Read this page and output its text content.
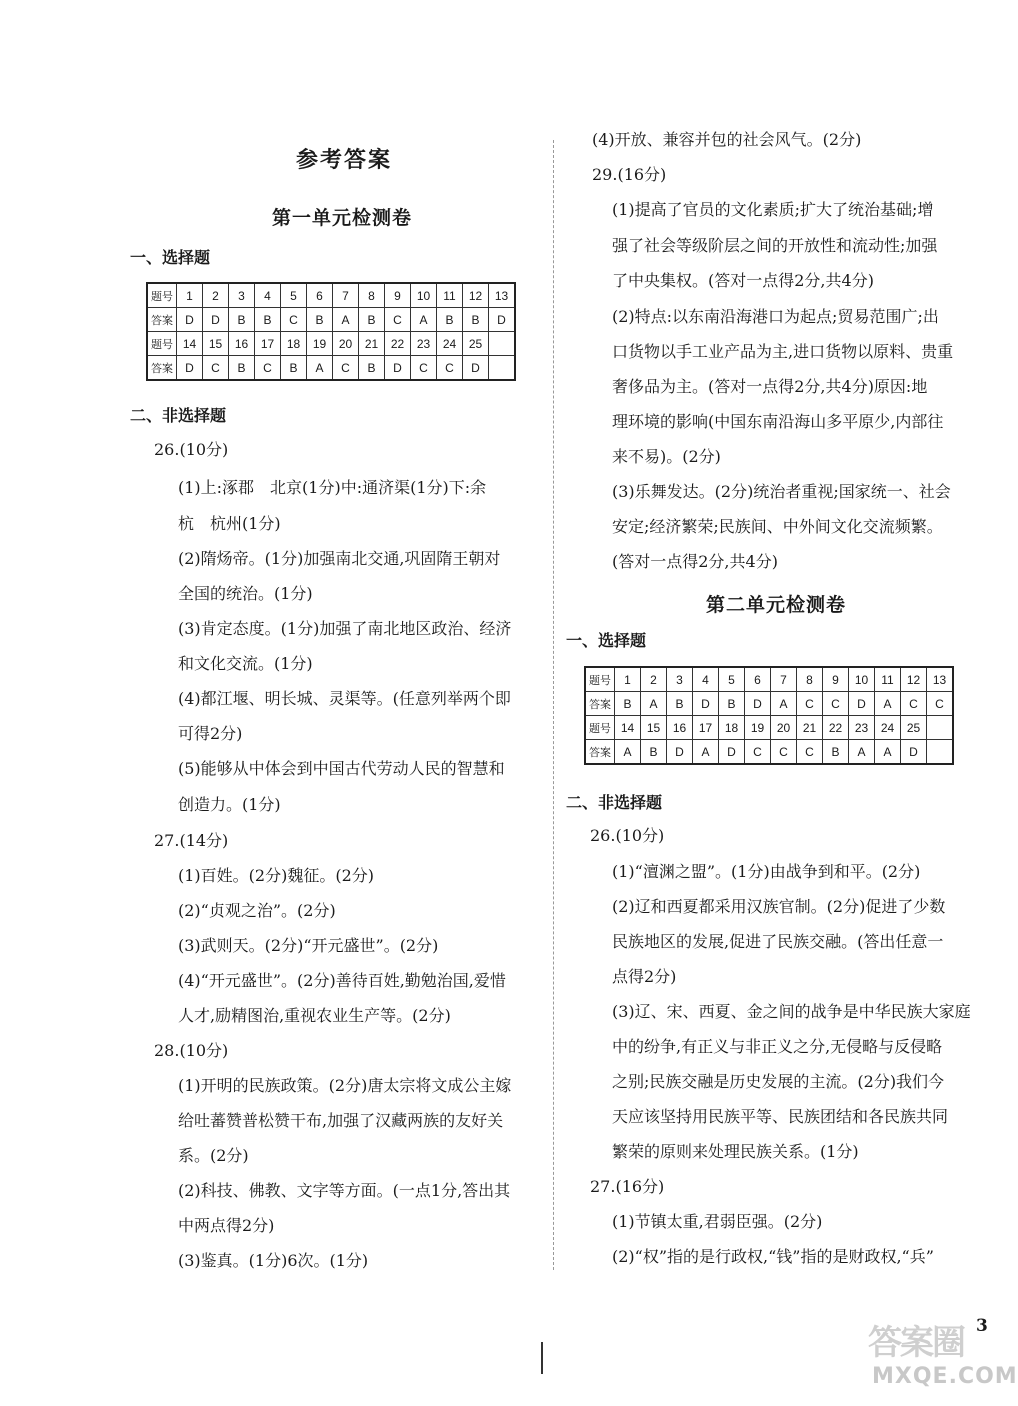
参考答案
第一单元检测卷
一、选择题
题号	1	2	3	4	5	6	7	8	9	10	11	12	13
答案	D	D	B	B	C	B	A	B	C	A	B	B	D
题号	14	15	16	17	18	19	20	21	22	23	24	25	
答案	D	C	B	C	B	A	C	B	D	C	C	D	
二、非选择题
26.(10分)
(1)上:涿郡　北京(1分)中:通济渠(1分)下:余
杭　杭州(1分)
(2)隋炀帝。(1分)加强南北交通,巩固隋王朝对
全国的统治。(1分)
(3)肯定态度。(1分)加强了南北地区政治、经济
和文化交流。(1分)
(4)都江堰、明长城、灵渠等。(任意列举两个即
可得2分)
(5)能够从中体会到中国古代劳动人民的智慧和
创造力。(1分)
27.(14分)
(1)百姓。(2分)魏征。(2分)
(2)“贞观之治”。(2分)
(3)武则天。(2分)“开元盛世”。(2分)
(4)“开元盛世”。(2分)善待百姓,勤勉治国,爱惜
人才,励精图治,重视农业生产等。(2分)
28.(10分)
(1)开明的民族政策。(2分)唐太宗将文成公主嫁
给吐蕃赞普松赞干布,加强了汉藏两族的友好关
系。(2分)
(2)科技、佛教、文字等方面。(一点1分,答出其
中两点得2分)
(3)鉴真。(1分)6次。(1分)
(4)开放、兼容并包的社会风气。(2分)
29.(16分)
(1)提高了官员的文化素质;扩大了统治基础;增
强了社会等级阶层之间的开放性和流动性;加强
了中央集权。(答对一点得2分,共4分)
(2)特点:以东南沿海港口为起点;贸易范围广;出
口货物以手工业产品为主,进口货物以原料、贵重
奢侈品为主。(答对一点得2分,共4分)原因:地
理环境的影响(中国东南沿海山多平原少,内部往
来不易)。(2分)
(3)乐舞发达。(2分)统治者重视;国家统一、社会
安定;经济繁荣;民族间、中外间文化交流频繁。
(答对一点得2分,共4分)
第二单元检测卷
一、选择题
题号	1	2	3	4	5	6	7	8	9	10	11	12	13
答案	B	A	B	D	B	D	A	C	C	D	A	C	C
题号	14	15	16	17	18	19	20	21	22	23	24	25	
答案	A	B	D	A	D	C	C	C	B	A	A	D	
二、非选择题
26.(10分)
(1)“澶渊之盟”。(1分)由战争到和平。(2分)
(2)辽和西夏都采用汉族官制。(2分)促进了少数
民族地区的发展,促进了民族交融。(答出任意一
点得2分)
(3)辽、宋、西夏、金之间的战争是中华民族大家庭
中的纷争,有正义与非正义之分,无侵略与反侵略
之别;民族交融是历史发展的主流。(2分)我们今
天应该坚持用民族平等、民族团结和各民族共同
繁荣的原则来处理民族关系。(1分)
27.(16分)
(1)节镇太重,君弱臣强。(2分)
(2)“权”指的是行政权,“钱”指的是财政权,“兵”
答案圈
MXQE.COM
3
